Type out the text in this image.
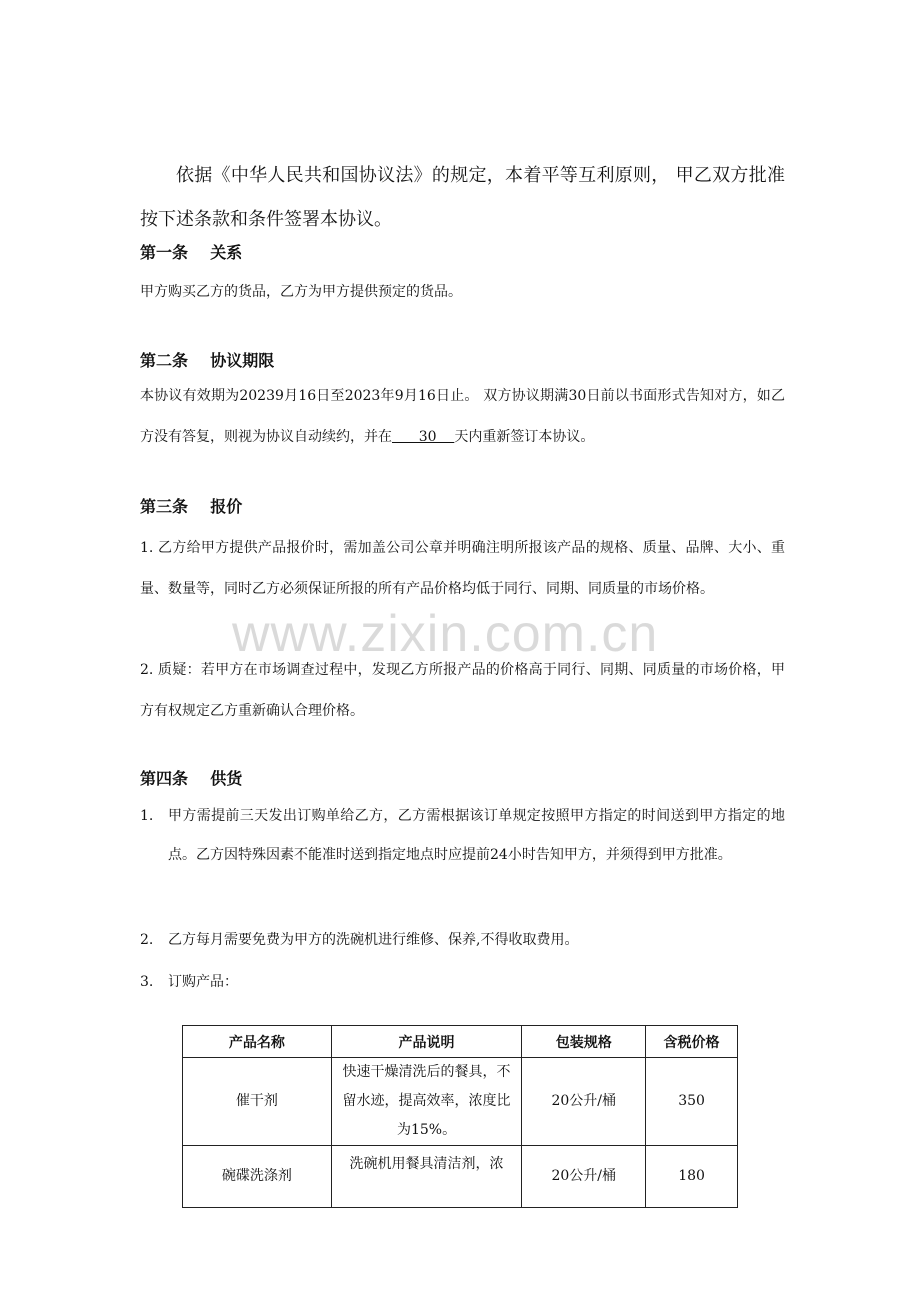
www.zixin.com.cn

依据《中华人民共和国协议法》的规定，本着平等互利原则， 甲乙双方批准按下述条款和条件签署本协议。

第一条    关系

甲方购买乙方的货品，乙方为甲方提供预定的货品。

第二条    协议期限

本协议有效期为20239月16日至2023年9月16日止。 双方协议期满30日前以书面形式告知对方，如乙方没有答复，则视为协议自动续约，并在      30    天内重新签订本协议。

第三条    报价

1. 乙方给甲方提供产品报价时，需加盖公司公章并明确注明所报该产品的规格、质量、品牌、大小、重量、数量等，同时乙方必须保证所报的所有产品价格均低于同行、同期、同质量的市场价格。

2. 质疑：若甲方在市场调查过程中，发现乙方所报产品的价格高于同行、同期、同质量的市场价格，甲方有权规定乙方重新确认合理价格。

第四条    供货
1. 甲方需提前三天发出订购单给乙方，乙方需根据该订单规定按照甲方指定的时间送到甲方指定的地点。乙方因特殊因素不能准时送到指定地点时应提前24小时告知甲方，并须得到甲方批准。
2. 乙方每月需要免费为甲方的洗碗机进行维修、保养,不得收取费用。
3. 订购产品：
产品名称	产品说明	包装规格	含税价格
催干剂	快速干燥清洗后的餐具，不留水迹，提高效率，浓度比为15%。	20公升/桶	350
碗碟洗涤剂	洗碗机用餐具清洁剂，浓	20公升/桶	180
